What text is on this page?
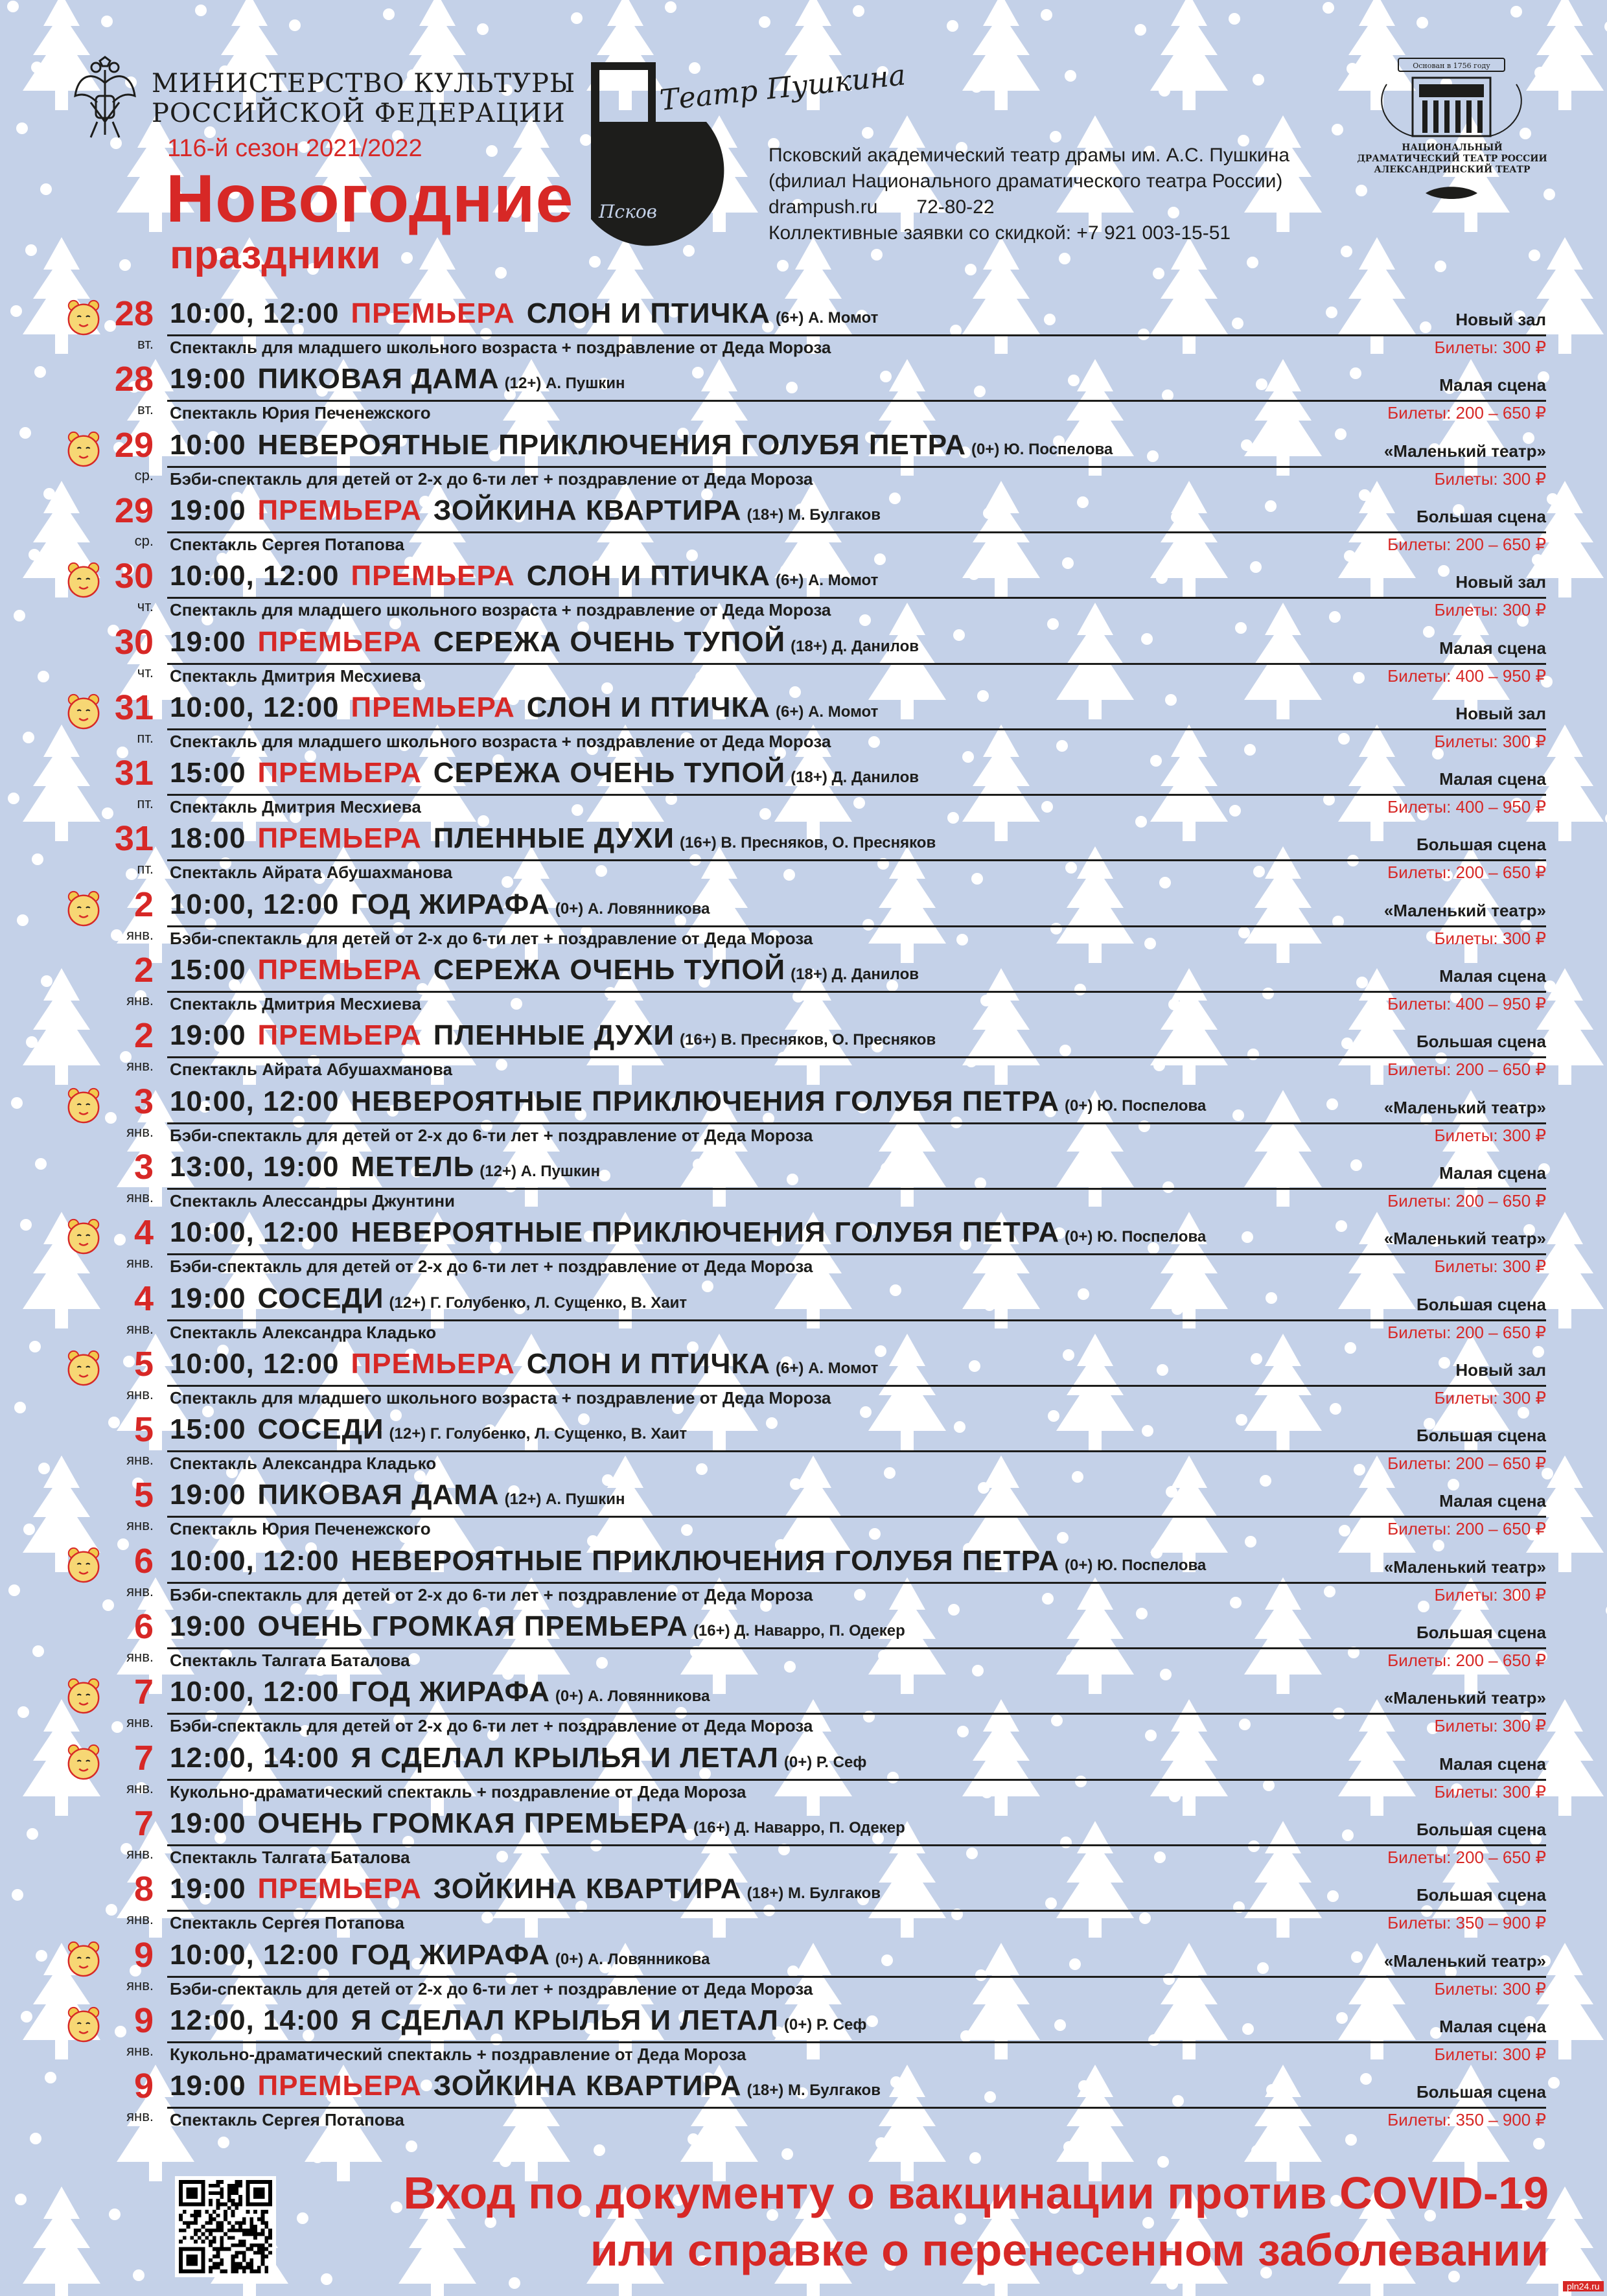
МИНИСТЕРСТВО КУЛЬТУРЫ
РОССИЙСКОЙ ФЕДЕРАЦИИ
116-й сезон 2021/2022
Новогодние
праздники
Театр Пушкина
Псков
Псковский академический театр драмы им. А.С. Пушкина
(филиал Национального драматического театра России)
drampush.ru 72-80-22
Коллективные заявки со скидкой: +7 921 003-15-51
Основан в 1756 году
НАЦИОНАЛЬНЫЙ
ДРАМАТИЧЕСКИЙ ТЕАТР РОССИИ
АЛЕКСАНДРИНСКИЙ ТЕАТР
28
вт.
10:00, 12:00 ПРЕМЬЕРА СЛОН И ПТИЧКА (6+) А. Момот
Спектакль для младшего школьного возраста + поздравление от Деда Мороза
Новый зал
Билеты: 300 ₽
28
вт.
19:00 ПИКОВАЯ ДАМА (12+) А. Пушкин
Спектакль Юрия Печенежского
Малая сцена
Билеты: 200 – 650 ₽
29
ср.
10:00 НЕВЕРОЯТНЫЕ ПРИКЛЮЧЕНИЯ ГОЛУБЯ ПЕТРА (0+) Ю. Поспелова
Бэби-спектакль для детей от 2-х до 6-ти лет + поздравление от Деда Мороза
«Маленький театр»
Билеты: 300 ₽
29
ср.
19:00 ПРЕМЬЕРА ЗОЙКИНА КВАРТИРА (18+) М. Булгаков
Спектакль Сергея Потапова
Большая сцена
Билеты: 200 – 650 ₽
30
чт.
10:00, 12:00 ПРЕМЬЕРА СЛОН И ПТИЧКА (6+) А. Момот
Спектакль для младшего школьного возраста + поздравление от Деда Мороза
Новый зал
Билеты: 300 ₽
30
чт.
19:00 ПРЕМЬЕРА СЕРЕЖА ОЧЕНЬ ТУПОЙ (18+) Д. Данилов
Спектакль Дмитрия Месхиева
Малая сцена
Билеты: 400 – 950 ₽
31
пт.
10:00, 12:00 ПРЕМЬЕРА СЛОН И ПТИЧКА (6+) А. Момот
Спектакль для младшего школьного возраста + поздравление от Деда Мороза
Новый зал
Билеты: 300 ₽
31
пт.
15:00 ПРЕМЬЕРА СЕРЕЖА ОЧЕНЬ ТУПОЙ (18+) Д. Данилов
Спектакль Дмитрия Месхиева
Малая сцена
Билеты: 400 – 950 ₽
31
пт.
18:00 ПРЕМЬЕРА ПЛЕННЫЕ ДУХИ (16+) В. Пресняков, О. Пресняков
Спектакль Айрата Абушахманова
Большая сцена
Билеты: 200 – 650 ₽
2
янв.
10:00, 12:00 ГОД ЖИРАФА (0+) А. Ловянникова
Бэби-спектакль для детей от 2-х до 6-ти лет + поздравление от Деда Мороза
«Маленький театр»
Билеты: 300 ₽
2
янв.
15:00 ПРЕМЬЕРА СЕРЕЖА ОЧЕНЬ ТУПОЙ (18+) Д. Данилов
Спектакль Дмитрия Месхиева
Малая сцена
Билеты: 400 – 950 ₽
2
янв.
19:00 ПРЕМЬЕРА ПЛЕННЫЕ ДУХИ (16+) В. Пресняков, О. Пресняков
Спектакль Айрата Абушахманова
Большая сцена
Билеты: 200 – 650 ₽
3
янв.
10:00, 12:00 НЕВЕРОЯТНЫЕ ПРИКЛЮЧЕНИЯ ГОЛУБЯ ПЕТРА (0+) Ю. Поспелова
Бэби-спектакль для детей от 2-х до 6-ти лет + поздравление от Деда Мороза
«Маленький театр»
Билеты: 300 ₽
3
янв.
13:00, 19:00 МЕТЕЛЬ (12+) А. Пушкин
Спектакль Алессандры Джунтини
Малая сцена
Билеты: 200 – 650 ₽
4
янв.
10:00, 12:00 НЕВЕРОЯТНЫЕ ПРИКЛЮЧЕНИЯ ГОЛУБЯ ПЕТРА (0+) Ю. Поспелова
Бэби-спектакль для детей от 2-х до 6-ти лет + поздравление от Деда Мороза
«Маленький театр»
Билеты: 300 ₽
4
янв.
19:00 СОСЕДИ (12+) Г. Голубенко, Л. Сущенко, В. Хаит
Спектакль Александра Кладько
Большая сцена
Билеты: 200 – 650 ₽
5
янв.
10:00, 12:00 ПРЕМЬЕРА СЛОН И ПТИЧКА (6+) А. Момот
Спектакль для младшего школьного возраста + поздравление от Деда Мороза
Новый зал
Билеты: 300 ₽
5
янв.
15:00 СОСЕДИ (12+) Г. Голубенко, Л. Сущенко, В. Хаит
Спектакль Александра Кладько
Большая сцена
Билеты: 200 – 650 ₽
5
янв.
19:00 ПИКОВАЯ ДАМА (12+) А. Пушкин
Спектакль Юрия Печенежского
Малая сцена
Билеты: 200 – 650 ₽
6
янв.
10:00, 12:00 НЕВЕРОЯТНЫЕ ПРИКЛЮЧЕНИЯ ГОЛУБЯ ПЕТРА (0+) Ю. Поспелова
Бэби-спектакль для детей от 2-х до 6-ти лет + поздравление от Деда Мороза
«Маленький театр»
Билеты: 300 ₽
6
янв.
19:00 ОЧЕНЬ ГРОМКАЯ ПРЕМЬЕРА (16+) Д. Наварро, П. Одекер
Спектакль Талгата Баталова
Большая сцена
Билеты: 200 – 650 ₽
7
янв.
10:00, 12:00 ГОД ЖИРАФА (0+) А. Ловянникова
Бэби-спектакль для детей от 2-х до 6-ти лет + поздравление от Деда Мороза
«Маленький театр»
Билеты: 300 ₽
7
янв.
12:00, 14:00 Я СДЕЛАЛ КРЫЛЬЯ И ЛЕТАЛ (0+) Р. Сеф
Кукольно-драматический спектакль + поздравление от Деда Мороза
Малая сцена
Билеты: 300 ₽
7
янв.
19:00 ОЧЕНЬ ГРОМКАЯ ПРЕМЬЕРА (16+) Д. Наварро, П. Одекер
Спектакль Талгата Баталова
Большая сцена
Билеты: 200 – 650 ₽
8
янв.
19:00 ПРЕМЬЕРА ЗОЙКИНА КВАРТИРА (18+) М. Булгаков
Спектакль Сергея Потапова
Большая сцена
Билеты: 350 – 900 ₽
9
янв.
10:00, 12:00 ГОД ЖИРАФА (0+) А. Ловянникова
Бэби-спектакль для детей от 2-х до 6-ти лет + поздравление от Деда Мороза
«Маленький театр»
Билеты: 300 ₽
9
янв.
12:00, 14:00 Я СДЕЛАЛ КРЫЛЬЯ И ЛЕТАЛ (0+) Р. Сеф
Кукольно-драматический спектакль + поздравление от Деда Мороза
Малая сцена
Билеты: 300 ₽
9
янв.
19:00 ПРЕМЬЕРА ЗОЙКИНА КВАРТИРА (18+) М. Булгаков
Спектакль Сергея Потапова
Большая сцена
Билеты: 350 – 900 ₽
Вход по документу о вакцинации против COVID-19
или справке о перенесенном заболевании
pln24.ru
